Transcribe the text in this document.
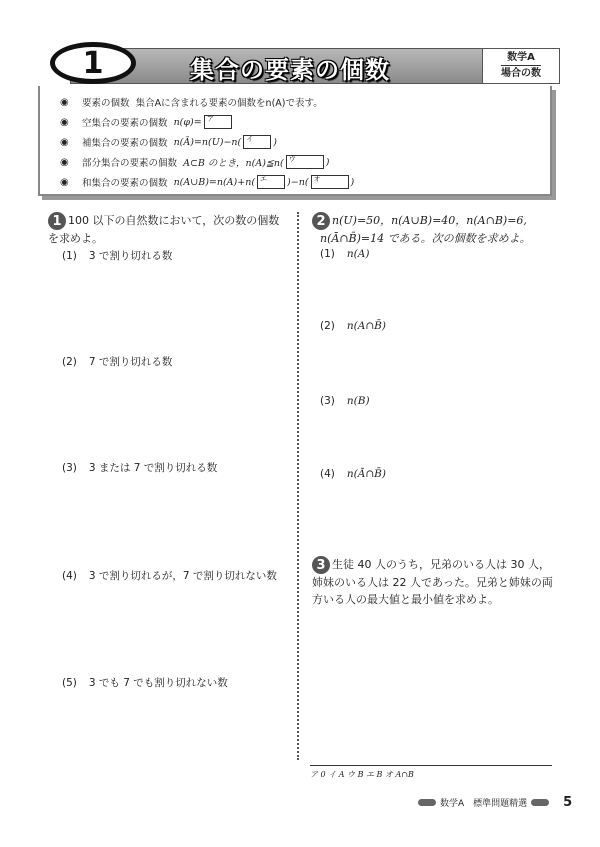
1	集合の要素の個数	数学A
場合の数
◉	要素の個数
集合Aに含まれる要素の個数をn(A)で表す。
◉	空集合の要素の個数
n(φ)= ア
◉	補集合の要素の個数
n(Ā)=n(U)−n( イ )
◉	部分集合の要素の個数
A⊂B のとき，n(A)≦n( ウ	)
◉	和集合の要素の個数
n(A∪B)=n(A)+n( エ )−n( オ	)
1 100 以下の自然数において，次の数の個数を求めよ。
(1) 3 で割り切れる数
(2) 7 で割り切れる数
(3) 3 または 7 で割り切れる数
(4) 3 で割り切れるが，7 で割り切れない数
(5) 3 でも 7 でも割り切れない数
2 n(U)=50，n(A∪B)=40，n(A∩B)=6,
n(Ā∩B̄)=14 である。次の個数を求めよ。
(1) n(A)
(2) n(A∩B̄)
(3) n(B)
(4) n(Ā∩B̄)
3 生徒 40 人のうち，兄弟のいる人は 30 人，姉妹のいる人は 22 人であった。兄弟と姉妹の両方いる人の最大値と最小値を求めよ。
ア 0 イ A ウ B エ B オ A∩B
数学A　標準問題精選	5
